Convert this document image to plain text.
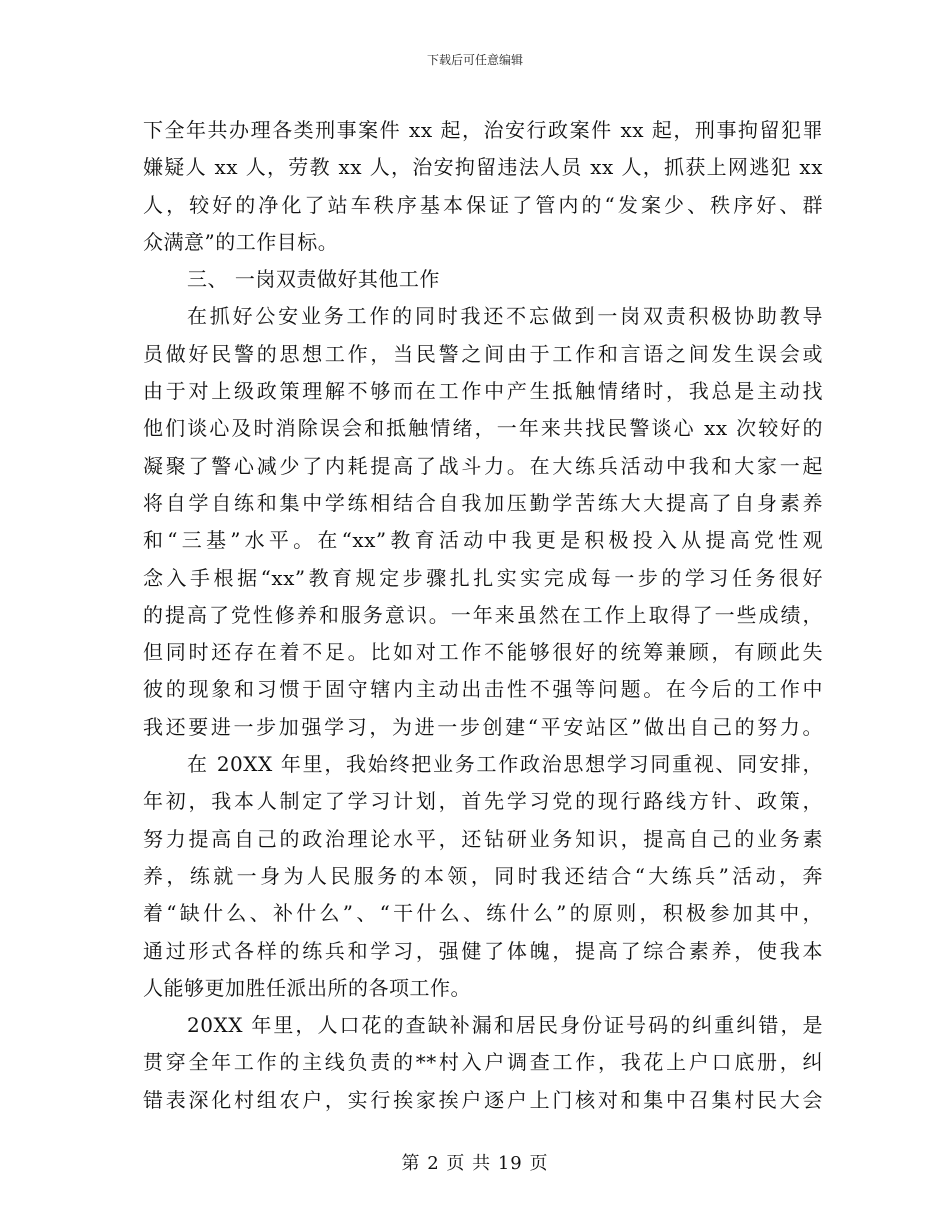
下载后可任意编辑
下全年共办理各类刑事案件 xx 起，治安行政案件 xx 起，刑事拘留犯罪
嫌疑人 xx 人，劳教 xx 人，治安拘留违法人员 xx 人，抓获上网逃犯 xx
人，较好的净化了站车秩序基本保证了管内的“发案少、秩序好、群
众满意”的工作目标。
三、 一岗双责做好其他工作
在抓好公安业务工作的同时我还不忘做到一岗双责积极协助教导
员做好民警的思想工作，当民警之间由于工作和言语之间发生误会或
由于对上级政策理解不够而在工作中产生抵触情绪时，我总是主动找
他们谈心及时消除误会和抵触情绪，一年来共找民警谈心 xx 次较好的
凝聚了警心减少了内耗提高了战斗力。在大练兵活动中我和大家一起
将自学自练和集中学练相结合自我加压勤学苦练大大提高了自身素养
和“三基”水平。在“xx”教育活动中我更是积极投入从提高党性观
念入手根据“xx”教育规定步骤扎扎实实完成每一步的学习任务很好
的提高了党性修养和服务意识。一年来虽然在工作上取得了一些成绩，
但同时还存在着不足。比如对工作不能够很好的统筹兼顾，有顾此失
彼的现象和习惯于固守辖内主动出击性不强等问题。在今后的工作中
我还要进一步加强学习，为进一步创建“平安站区”做出自己的努力。
在 20XX 年里，我始终把业务工作政治思想学习同重视、同安排，
年初，我本人制定了学习计划，首先学习党的现行路线方针、政策，
努力提高自己的政治理论水平，还钻研业务知识，提高自己的业务素
养，练就一身为人民服务的本领，同时我还结合“大练兵”活动，奔
着“缺什么、补什么”、“干什么、练什么”的原则，积极参加其中，
通过形式各样的练兵和学习，强健了体魄，提高了综合素养，使我本
人能够更加胜任派出所的各项工作。
20XX 年里，人口花的查缺补漏和居民身份证号码的纠重纠错，是
贯穿全年工作的主线负责的**村入户调查工作，我花上户口底册，纠
错表深化村组农户，实行挨家挨户逐户上门核对和集中召集村民大会
第 2 页 共 19 页
